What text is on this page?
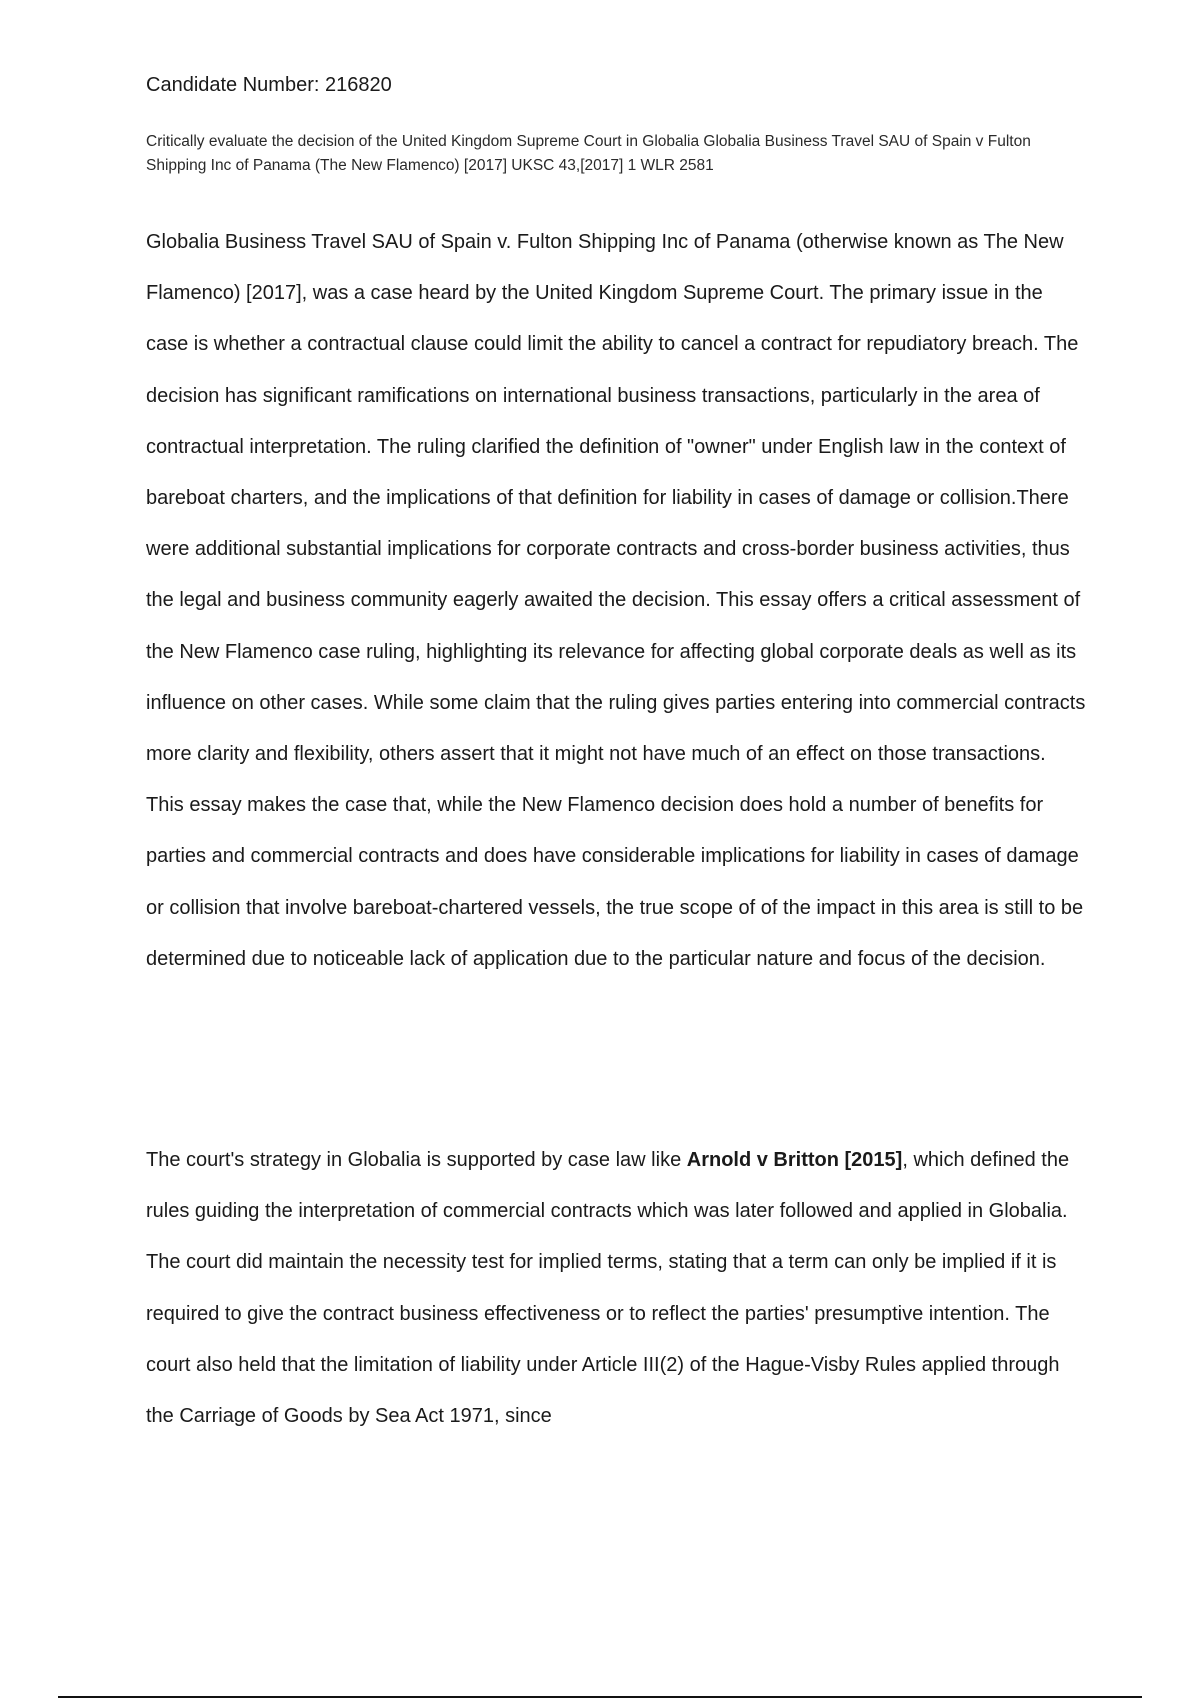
Candidate Number: 216820

Critically evaluate the decision of the United Kingdom Supreme Court in Globalia Globalia Business Travel SAU of Spain v Fulton Shipping Inc of Panama (The New Flamenco) [2017] UKSC 43,[2017] 1 WLR 2581

Globalia Business Travel SAU of Spain v. Fulton Shipping Inc of Panama (otherwise known as The New Flamenco) [2017], was a case heard by the United Kingdom Supreme Court. The primary issue in the case is whether a contractual clause could limit the ability to cancel a contract for repudiatory breach. The decision has significant ramifications on international business transactions, particularly in the area of contractual interpretation. The ruling clarified the definition of "owner" under English law in the context of bareboat charters, and the implications of that definition for liability in cases of damage or collision.There were additional substantial implications for corporate contracts and cross-border business activities, thus the legal and business community eagerly awaited the decision. This essay offers a critical assessment of the New Flamenco case ruling, highlighting its relevance for affecting global corporate deals as well as its influence on other cases. While some claim that the ruling gives parties entering into commercial contracts more clarity and flexibility, others assert that it might not have much of an effect on those transactions. This essay makes the case that, while the New Flamenco decision does hold a number of benefits for parties and commercial contracts and does have considerable implications for liability in cases of damage or collision that involve bareboat-chartered vessels, the true scope of of the impact in this area is still to be determined due to noticeable lack of application due to the particular nature and focus of the decision.

The court's strategy in Globalia is supported by case law like Arnold v Britton [2015], which defined the rules guiding the interpretation of commercial contracts which was later followed and applied in Globalia. The court did maintain the necessity test for implied terms, stating that a term can only be implied if it is required to give the contract business effectiveness or to reflect the parties' presumptive intention. The court also held that the limitation of liability under Article III(2) of the Hague-Visby Rules applied through the Carriage of Goods by Sea Act 1971, since
